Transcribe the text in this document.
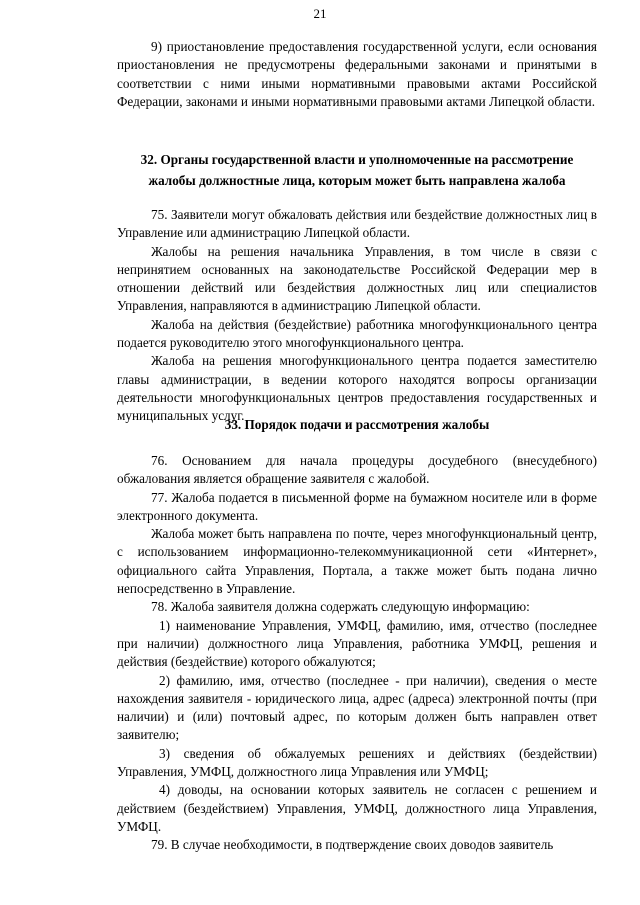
21

9) приостановление предоставления государственной услуги, если основания приостановления не предусмотрены федеральными законами и принятыми в соответствии с ними иными нормативными правовыми актами Российской Федерации, законами и иными нормативными правовыми актами Липецкой области.

32. Органы государственной власти и уполномоченные на рассмотрение жалобы должностные лица, которым может быть направлена жалоба

75. Заявители могут обжаловать действия или бездействие должностных лиц в Управление или администрацию Липецкой области.

Жалобы на решения начальника Управления, в том числе в связи с непринятием основанных на законодательстве Российской Федерации мер в отношении действий или бездействия должностных лиц или специалистов Управления, направляются в администрацию Липецкой области.

Жалоба на действия (бездействие) работника многофункционального центра подается руководителю этого многофункционального центра.

Жалоба на решения многофункционального центра подается заместителю главы администрации, в ведении которого находятся вопросы организации деятельности многофункциональных центров предоставления государственных и муниципальных услуг.

33. Порядок подачи и рассмотрения жалобы

76. Основанием для начала процедуры досудебного (внесудебного) обжалования является обращение заявителя с жалобой.

77. Жалоба подается в письменной форме на бумажном носителе или в форме электронного документа.

Жалоба может быть направлена по почте, через многофункциональный центр, с использованием информационно-телекоммуникационной сети «Интернет», официального сайта Управления, Портала, а также может быть подана лично непосредственно в Управление.

78. Жалоба заявителя должна содержать следующую информацию:

1) наименование Управления, УМФЦ, фамилию, имя, отчество (последнее при наличии) должностного лица Управления, работника УМФЦ, решения и действия (бездействие) которого обжалуются;

2) фамилию, имя, отчество (последнее - при наличии), сведения о месте нахождения заявителя - юридического лица, адрес (адреса) электронной почты (при наличии) и (или) почтовый адрес, по которым должен быть направлен ответ заявителю;

3) сведения об обжалуемых решениях и действиях (бездействии) Управления, УМФЦ, должностного лица Управления или УМФЦ;

4) доводы, на основании которых заявитель не согласен с решением и действием (бездействием) Управления, УМФЦ, должностного лица Управления, УМФЦ.

79. В случае необходимости, в подтверждение своих доводов заявитель
